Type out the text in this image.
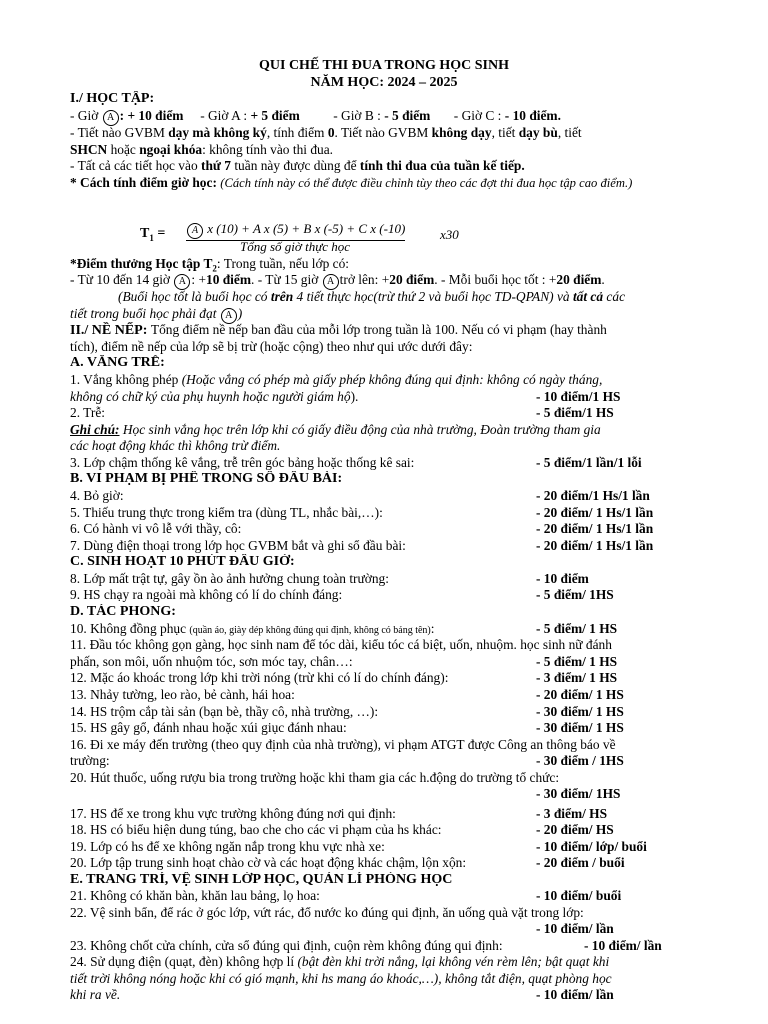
QUI CHẾ THI ĐUA TRONG HỌC SINH
NĂM HỌC: 2024 – 2025
I./ HỌC TẬP:
- Giờ A : + 10 điểm - Giờ A : + 5 điểm - Giờ B : - 5 điểm - Giờ C : - 10 điểm.
- Tiết nào GVBM dạy mà không ký, tính điểm 0. Tiết nào GVBM không dạy, tiết dạy bù, tiết
SHCN hoặc ngoại khóa: không tính vào thi đua.
- Tất cả các tiết học vào thứ 7 tuần này được dùng để tính thi đua của tuần kế tiếp.
* Cách tính điểm giờ học: (Cách tính này có thể được điều chỉnh tùy theo các đợt thi đua học tập cao điểm.)
$T_1$ =	A x (10) + A x (5) + B x (-5) + C x (-10)
Tổng số giờ thực học
x30
*Điểm thưởng Học tập $T_2$: Trong tuần, nếu lớp có:
- Từ 10 đến 14 giờ A : +10 điểm. - Từ 15 giờ A trở lên: +20 điểm. - Mỗi buổi học tốt : +20 điểm.
(Buổi học tốt là buổi học có trên 4 tiết thực học(trừ thứ 2 và buổi học TD-QPAN) và tất cả các
tiết trong buổi học phải đạt A )
II./ NỀ NẾP: Tổng điểm nề nếp ban đầu của mỗi lớp trong tuần là 100. Nếu có vi phạm (hay thành
tích), điểm nề nếp của lớp sẽ bị trừ (hoặc cộng) theo như qui ước dưới đây:
A. VẮNG TRỄ:
1. Vắng không phép (Hoặc vắng có phép mà giấy phép không đúng qui định: không có ngày tháng,
không có chữ ký của phụ huynh hoặc người giám hộ).	- 10 điểm/1 HS
2. Trễ:	- 5 điểm/1 HS
Ghi chú: Học sinh vắng học trên lớp khi có giấy điều động của nhà trường, Đoàn trường tham gia
các hoạt động khác thì không trừ điểm.
3. Lớp chậm thống kê vắng, trễ trên góc bảng hoặc thống kê sai:	- 5 điểm/1 lần/1 lỗi
B. VI PHẠM BỊ PHÊ TRONG SỔ ĐẦU BÀI:
4. Bỏ giờ:	- 20 điểm/1 Hs/1 lần
5. Thiếu trung thực trong kiểm tra (dùng TL, nhắc bài,…):	- 20 điểm/ 1 Hs/1 lần
6. Có hành vi vô lễ với thầy, cô:	- 20 điểm/ 1 Hs/1 lần
7. Dùng điện thoại trong lớp học GVBM bắt và ghi sổ đầu bài:	- 20 điểm/ 1 Hs/1 lần
C. SINH HOẠT 10 PHÚT ĐẦU GIỜ:
8. Lớp mất trật tự, gây ồn ào ảnh hưởng chung toàn trường:	- 10 điểm
9. HS chạy ra ngoài mà không có lí do chính đáng:	- 5 điểm/ 1HS
D. TÁC PHONG:
10. Không đồng phục (quần áo, giày dép không đúng qui định, không có bảng tên):	- 5 điểm/ 1 HS
11. Đầu tóc không gọn gàng, học sinh nam để tóc dài, kiểu tóc cá biệt, uốn, nhuộm. học sinh nữ đánh
phấn, son môi, uốn nhuộm tóc, sơn móc tay, chân…:	- 5 điểm/ 1 HS
12. Mặc áo khoác trong lớp khi trời nóng (trừ khi có lí do chính đáng):	- 3 điểm/ 1 HS
13. Nhảy tường, leo rào, bẻ cành, hái hoa:	- 20 điểm/ 1 HS
14. HS trộm cắp tài sản (bạn bè, thầy cô, nhà trường, …):	- 30 điểm/ 1 HS
15. HS gây gổ, đánh nhau hoặc xúi giục đánh nhau:	- 30 điểm/ 1 HS
16. Đi xe máy đến trường (theo quy định của nhà trường), vi phạm ATGT được Công an thông báo về
trường:	- 30 điểm / 1HS
20. Hút thuốc, uống rượu bia trong trường hoặc khi tham gia các h.động do trường tổ chức:
- 30 điểm/ 1HS
17. HS để xe trong khu vực trường không đúng nơi qui định:	- 3 điểm/ HS
18. HS có biểu hiện dung túng, bao che cho các vi phạm của hs khác:	- 20 điểm/ HS
19. Lớp có hs để xe không ngăn nắp trong khu vực nhà xe:	- 10 điểm/ lớp/ buổi
20. Lớp tập trung sinh hoạt chào cờ và các hoạt động khác chậm, lộn xộn:	- 20 điểm / buổi
E. TRANG TRÍ, VỆ SINH LỚP HỌC, QUẢN LÍ PHÒNG HỌC
21. Không có khăn bàn, khăn lau bảng, lọ hoa:	- 10 điểm/ buổi
22. Vệ sinh bẩn, để rác ở góc lớp, vứt rác, đổ nước ko đúng qui định, ăn uống quà vặt trong lớp:
- 10 điểm/ lần
23. Không chốt cửa chính, cửa sổ đúng qui định, cuộn rèm không đúng qui định:	- 10 điểm/ lần
24. Sử dụng điện (quạt, đèn) không hợp lí (bật đèn khi trời nắng, lại không vén rèm lên; bật quạt khi
tiết trời không nóng hoặc khi có gió mạnh, khi hs mang áo khoác,…), không tắt điện, quạt phòng học
khi ra về.	- 10 điểm/ lần
